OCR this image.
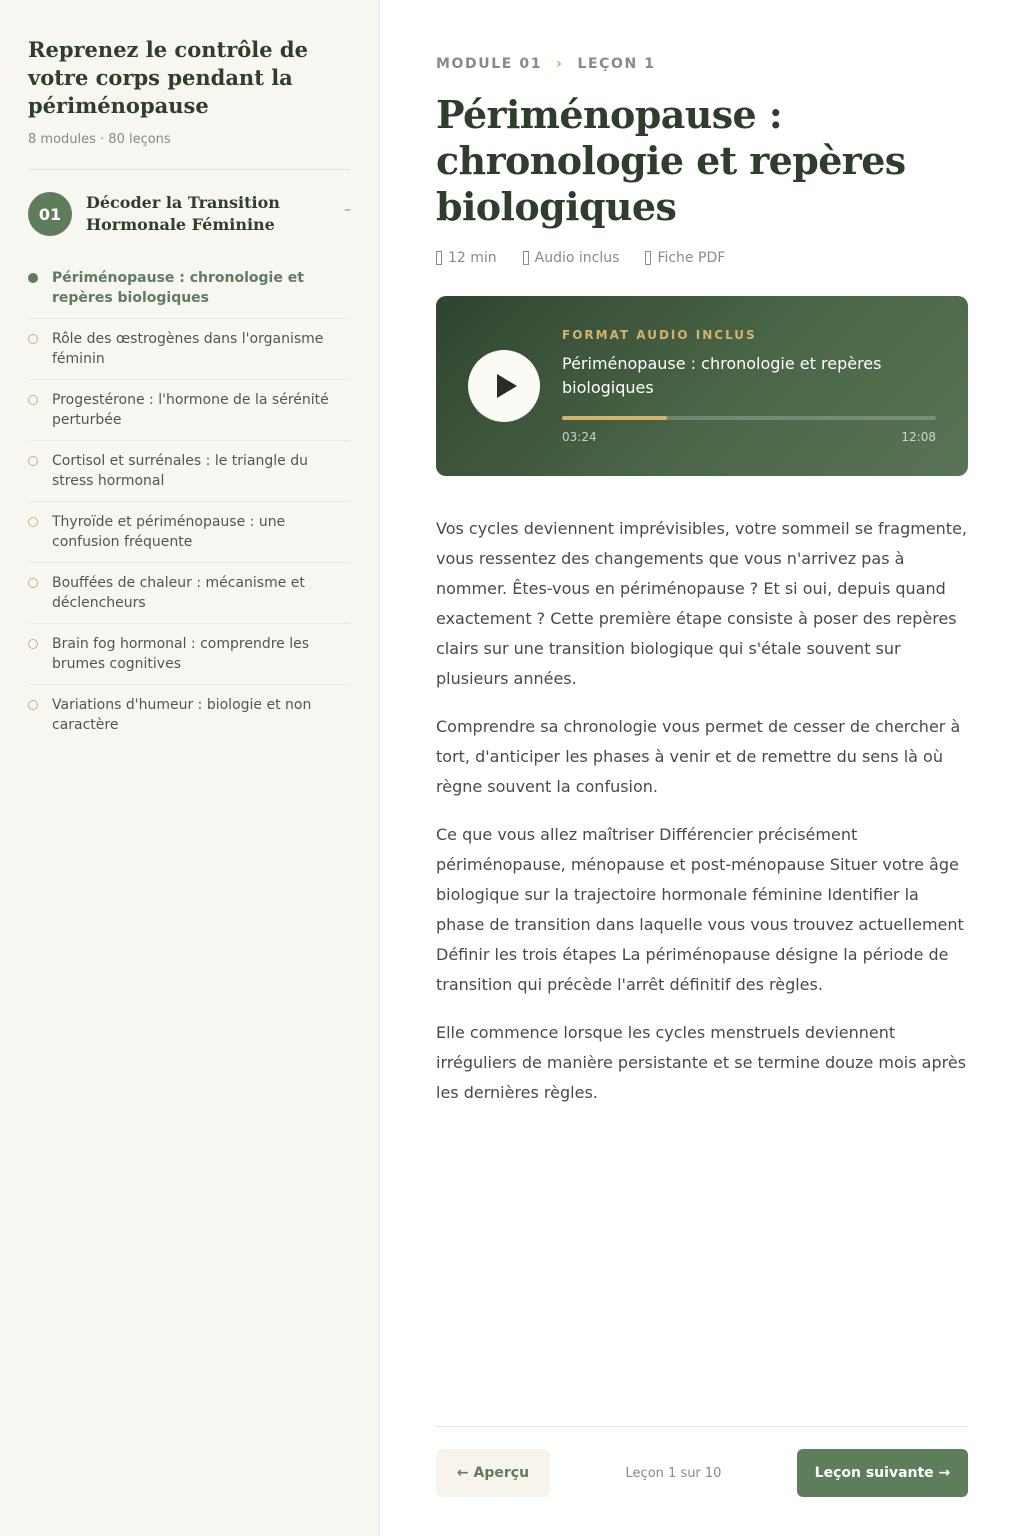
Reprenez le contrôle de votre corps pendant la périménopause
8 modules · 80 leçons
01
Décoder la Transition Hormonale Féminine
–
Périménopause : chronologie et repères biologiques
Rôle des œstrogènes dans l'organisme féminin
Progestérone : l'hormone de la sérénité perturbée
Cortisol et surrénales : le triangle du stress hormonal
Thyroïde et périménopause : une confusion fréquente
Bouffées de chaleur : mécanisme et déclencheurs
Brain fog hormonal : comprendre les brumes cognitives
Variations d'humeur : biologie et non caractère
MODULE 01 › LEÇON 1
Périménopause : chronologie et repères biologiques
12 min	Audio inclus	Fiche PDF
FORMAT AUDIO INCLUS
Périménopause : chronologie et repères biologiques
03:24	12:08

Vos cycles deviennent imprévisibles, votre sommeil se fragmente, vous ressentez des changements que vous n'arrivez pas à nommer. Êtes-vous en périménopause ? Et si oui, depuis quand exactement ? Cette première étape consiste à poser des repères clairs sur une transition biologique qui s'étale souvent sur plusieurs années.

Comprendre sa chronologie vous permet de cesser de chercher à tort, d'anticiper les phases à venir et de remettre du sens là où règne souvent la confusion.

Ce que vous allez maîtriser Différencier précisément périménopause, ménopause et post-ménopause Situer votre âge biologique sur la trajectoire hormonale féminine Identifier la phase de transition dans laquelle vous vous trouvez actuellement Définir les trois étapes La périménopause désigne la période de transition qui précède l'arrêt définitif des règles.

Elle commence lorsque les cycles menstruels deviennent irréguliers de manière persistante et se termine douze mois après les dernières règles.

← Aperçu	Leçon 1 sur 10	Leçon suivante →
